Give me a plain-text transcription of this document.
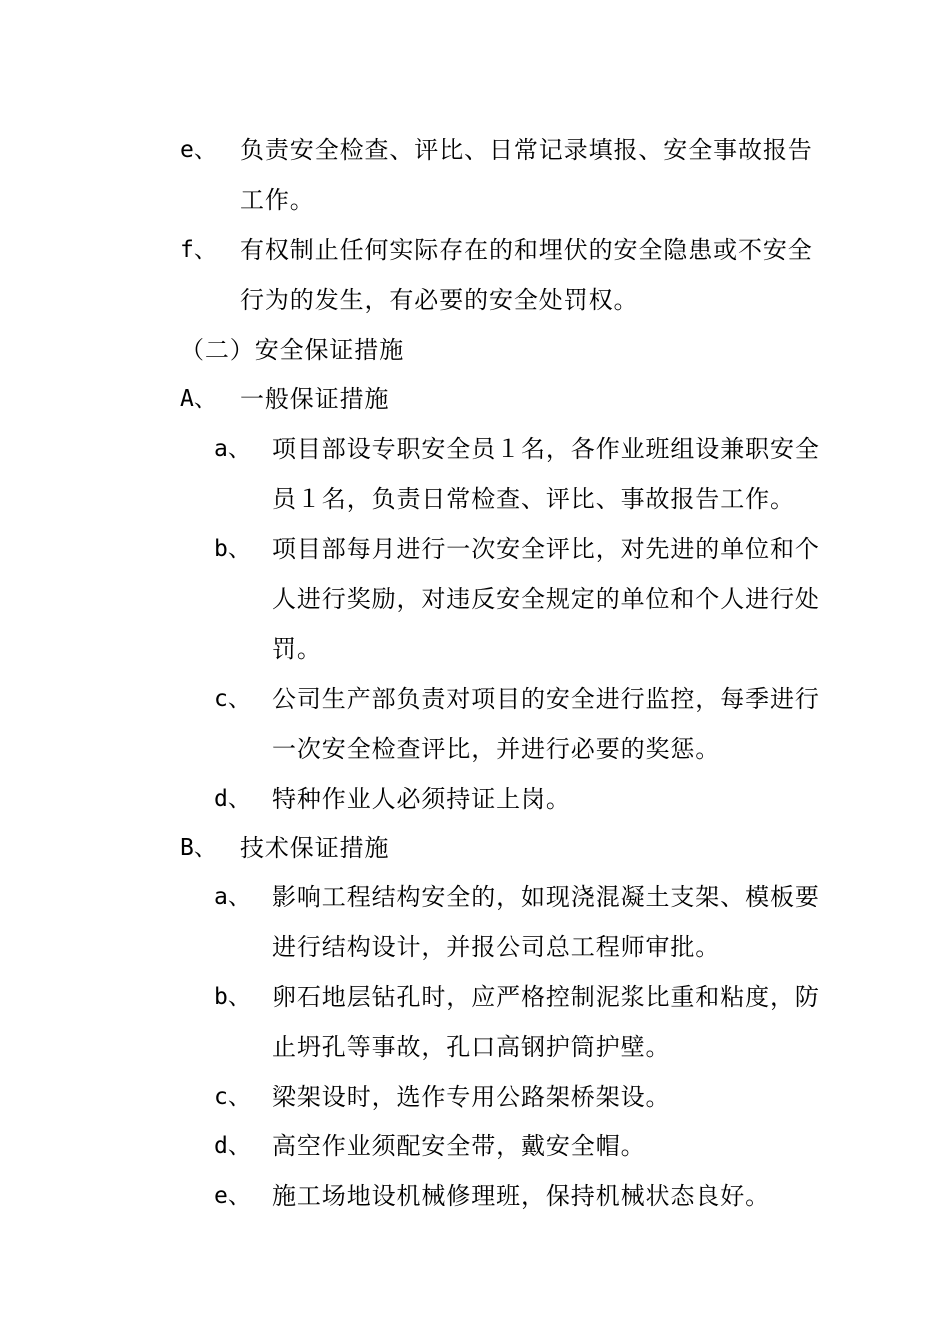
e、 负责安全检查、评比、日常记录填报、安全事故报告
工作。
f、 有权制止任何实际存在的和埋伏的安全隐患或不安全
行为的发生，有必要的安全处罚权。
（二）安全保证措施
A、 一般保证措施
a、 项目部设专职安全员１名，各作业班组设兼职安全
员１名，负责日常检查、评比、事故报告工作。
b、 项目部每月进行一次安全评比，对先进的单位和个
人进行奖励，对违反安全规定的单位和个人进行处
罚。
c、 公司生产部负责对项目的安全进行监控，每季进行
一次安全检查评比，并进行必要的奖惩。
d、 特种作业人必须持证上岗。
B、 技术保证措施
a、 影响工程结构安全的，如现浇混凝土支架、模板要
进行结构设计，并报公司总工程师审批。
b、 卵石地层钻孔时，应严格控制泥浆比重和粘度，防
止坍孔等事故，孔口高钢护筒护壁。
c、 梁架设时，选作专用公路架桥架设。
d、 高空作业须配安全带，戴安全帽。
e、 施工场地设机械修理班，保持机械状态良好。
